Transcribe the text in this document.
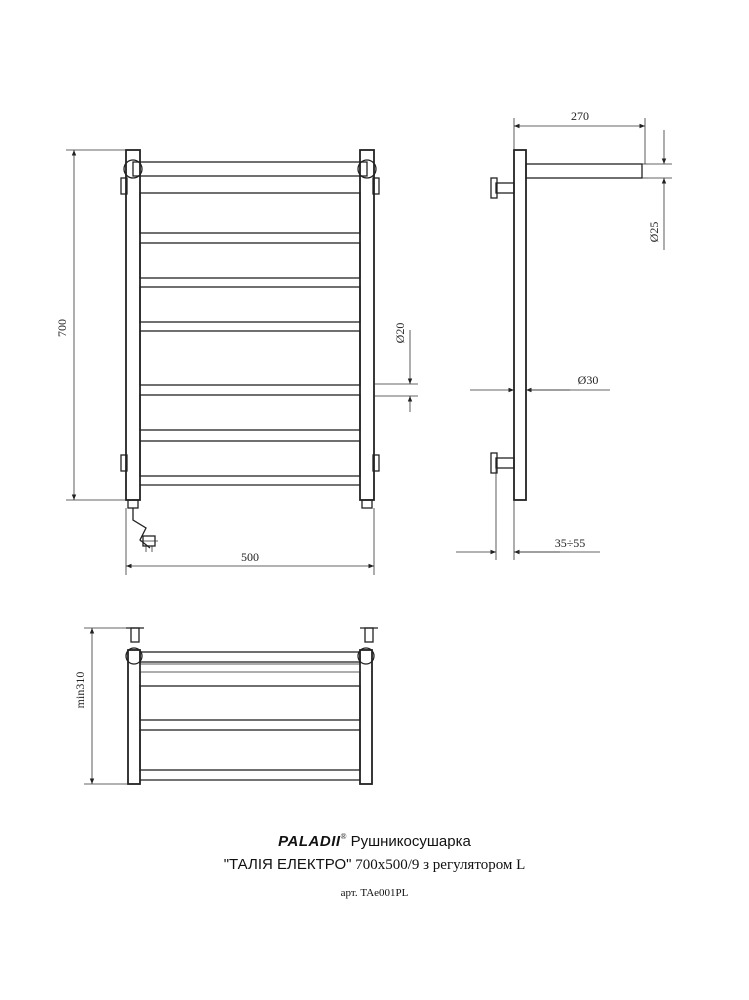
700
500
Ø20
270
Ø25
Ø30
35÷55
min310
PALADII® Рушникосушарка
"ТАЛІЯ ЕЛЕКТРО" 700х500/9 з регулятором L
арт. TAe001PL
